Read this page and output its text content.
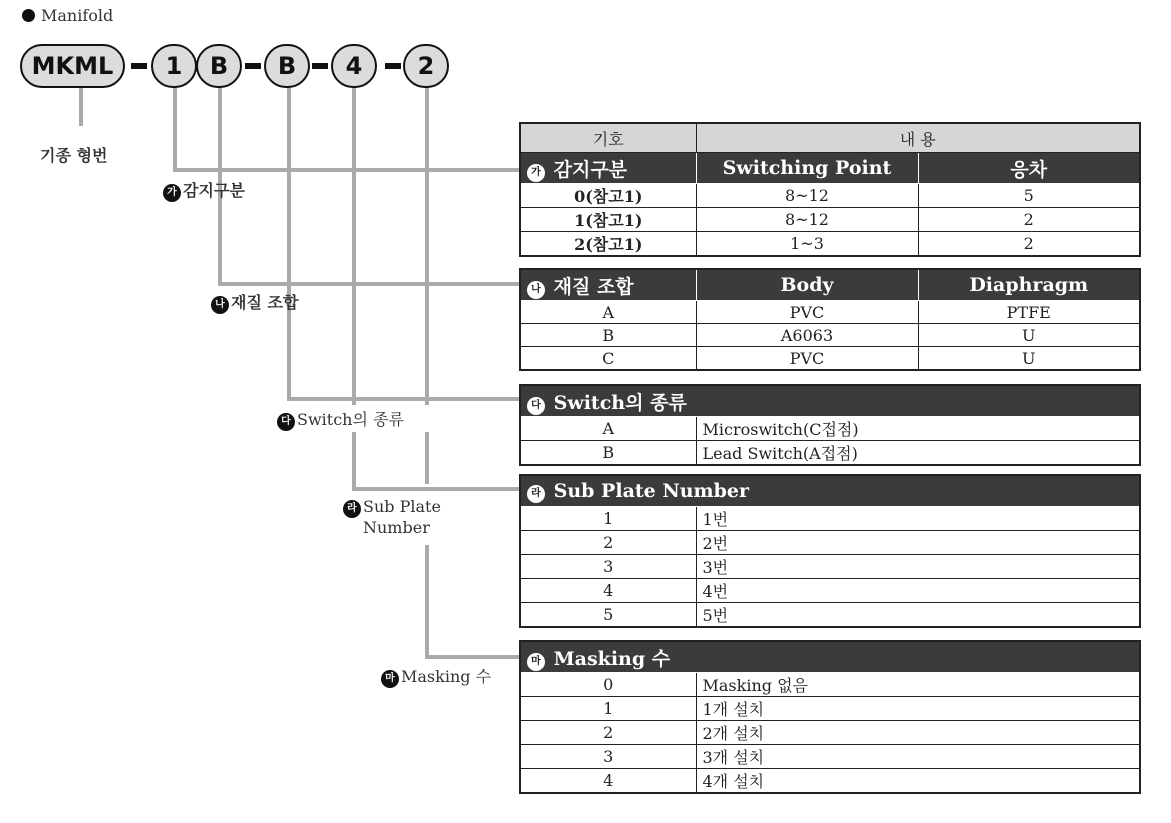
Manifold
MKML	1	B	B	4	2
기종 형번
가 감지구분
나 재질 조합
다 Switch의 종류
라 Sub Plate
Number
마 Masking 수
기호	내 용	
가 감지구분	Switching Point	응차
0(참고1)	8~12	5
1(참고1)	8~12	2
2(참고1)	1~3	2
나 재질 조합	Body	Diaphragm
A	PVC	PTFE
B	A6063	U
C	PVC	U
다 Switch의 종류	
A	Microswitch(C접점)
B	Lead Switch(A접점)
라 Sub Plate Number	
1	1번
2	2번
3	3번
4	4번
5	5번
마 Masking 수	
0	Masking 없음
1	1개 설치
2	2개 설치
3	3개 설치
4	4개 설치
